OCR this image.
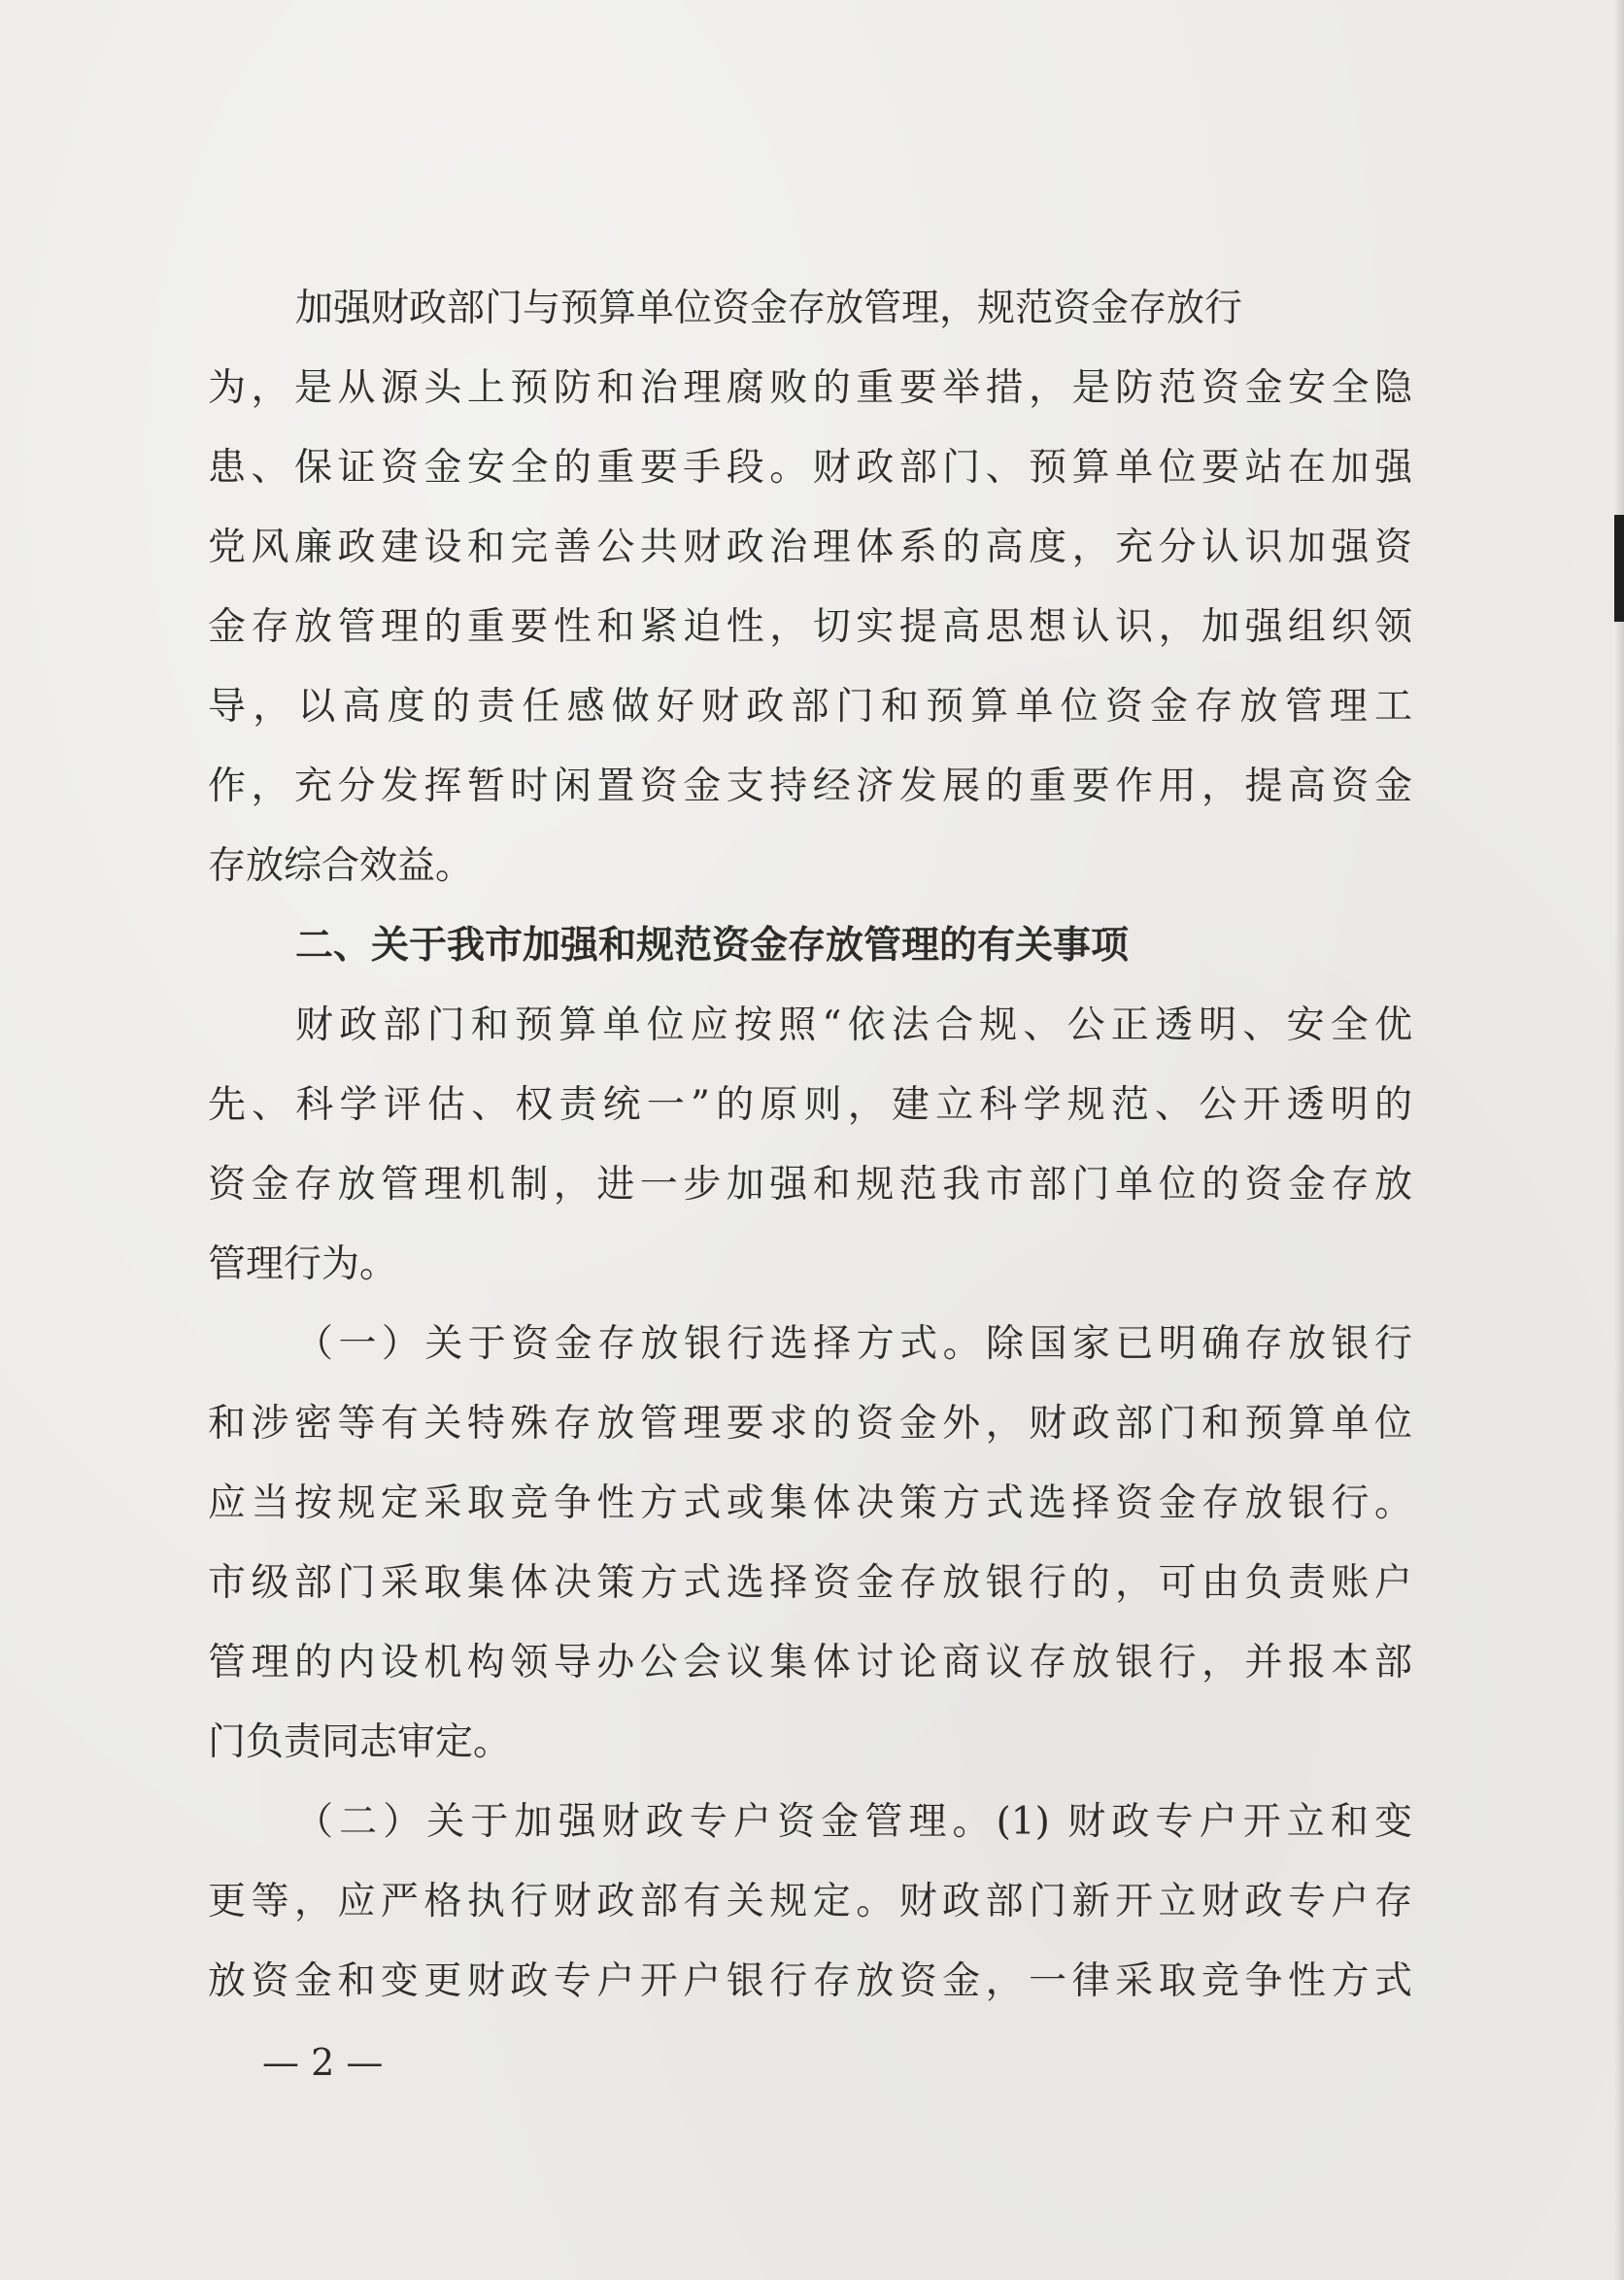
加强财政部门与预算单位资金存放管理，规范资金存放行
为，是从源头上预防和治理腐败的重要举措，是防范资金安全隐
患、保证资金安全的重要手段。财政部门、预算单位要站在加强
党风廉政建设和完善公共财政治理体系的高度，充分认识加强资
金存放管理的重要性和紧迫性，切实提高思想认识，加强组织领
导，以高度的责任感做好财政部门和预算单位资金存放管理工
作，充分发挥暂时闲置资金支持经济发展的重要作用，提高资金
存放综合效益。
二、关于我市加强和规范资金存放管理的有关事项
财政部门和预算单位应按照“依法合规、公正透明、安全优
先、科学评估、权责统一”的原则，建立科学规范、公开透明的
资金存放管理机制，进一步加强和规范我市部门单位的资金存放
管理行为。
（一）关于资金存放银行选择方式。除国家已明确存放银行
和涉密等有关特殊存放管理要求的资金外，财政部门和预算单位
应当按规定采取竞争性方式或集体决策方式选择资金存放银行。
市级部门采取集体决策方式选择资金存放银行的，可由负责账户
管理的内设机构领导办公会议集体讨论商议存放银行，并报本部
门负责同志审定。
（二）关于加强财政专户资金管理。(1) 财政专户开立和变
更等，应严格执行财政部有关规定。财政部门新开立财政专户存
放资金和变更财政专户开户银行存放资金，一律采取竞争性方式
— 2 —
